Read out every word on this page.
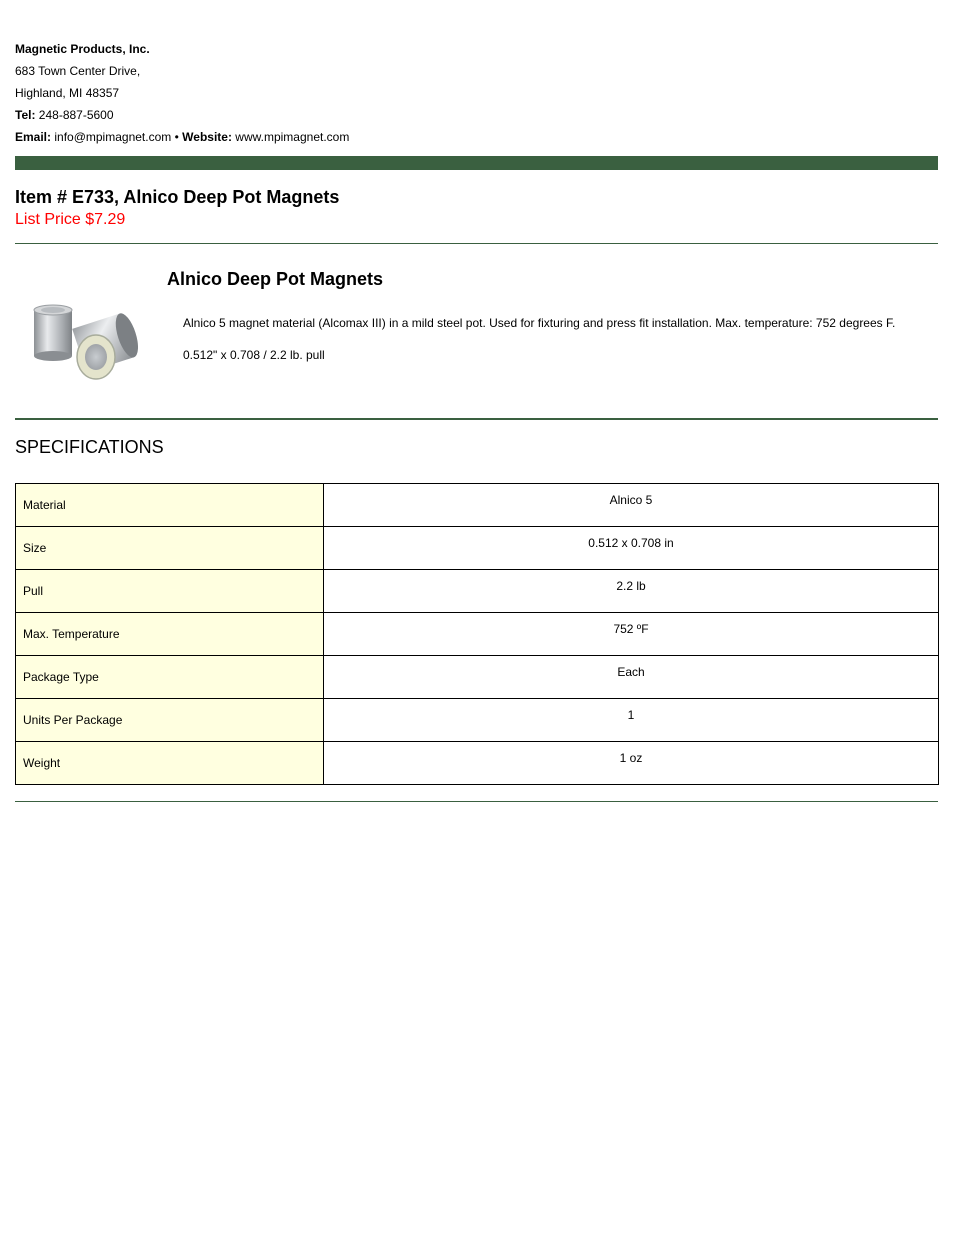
Magnetic Products, Inc.
683 Town Center Drive,
Highland, MI 48357
Tel: 248-887-5600
Email: info@mpimagnet.com • Website: www.mpimagnet.com
Item # E733, Alnico Deep Pot Magnets
List Price $7.29
Alnico Deep Pot Magnets
Alnico 5 magnet material (Alcomax III) in a mild steel pot. Used for fixturing and press fit installation. Max. temperature: 752 degrees F.
0.512" x 0.708 / 2.2 lb. pull
SPECIFICATIONS
Material	Alnico 5
Size	0.512 x 0.708 in
Pull	2.2 lb
Max. Temperature	752 ºF
Package Type	Each
Units Per Package	1
Weight	1 oz
